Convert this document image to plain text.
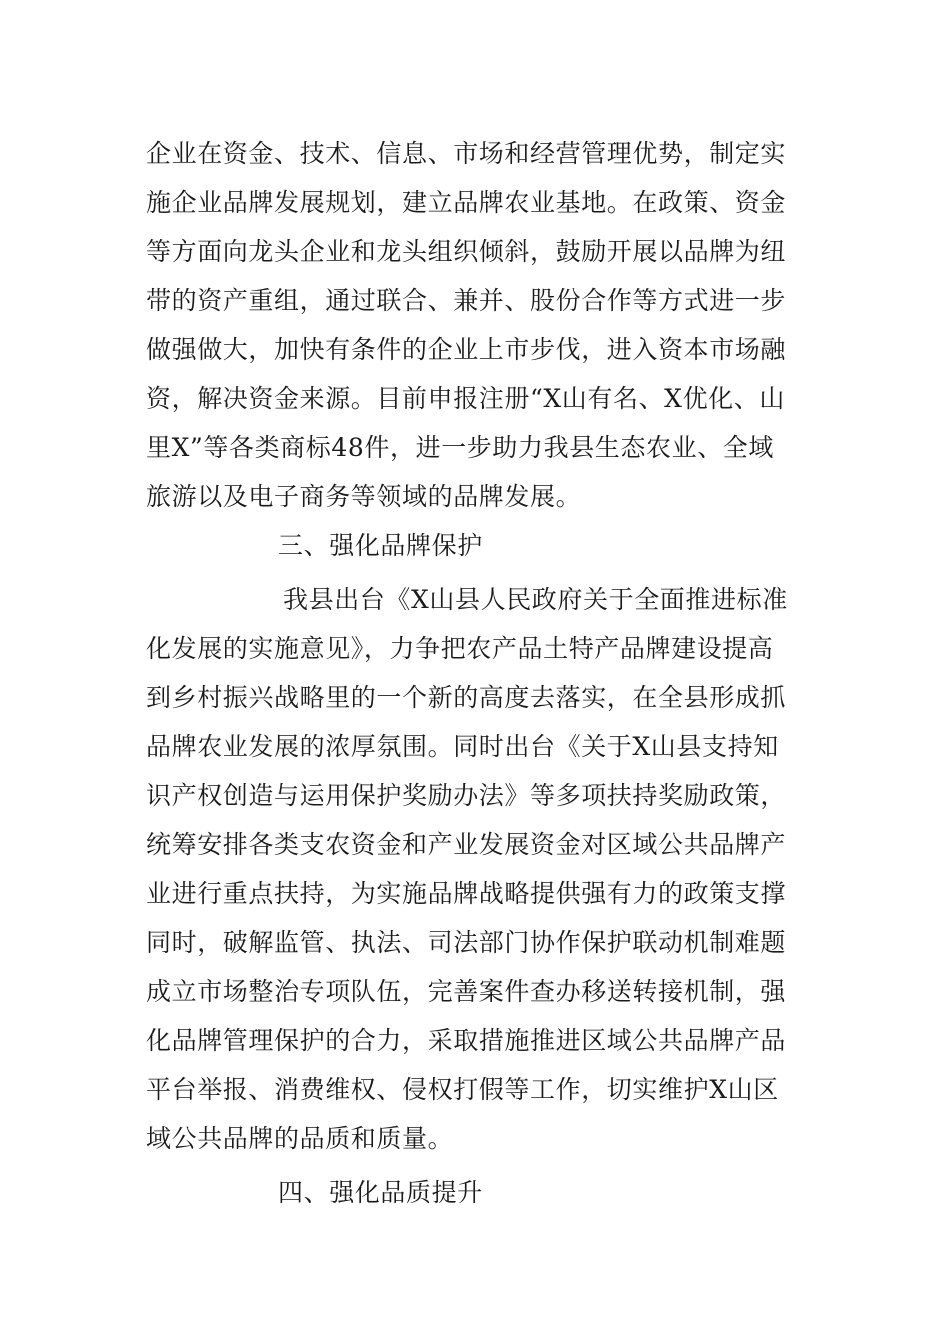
企业在资金、技术、信息、市场和经营管理优势，制定实
施企业品牌发展规划，建立品牌农业基地。在政策、资金
等方面向龙头企业和龙头组织倾斜，鼓励开展以品牌为纽
带的资产重组，通过联合、兼并、股份合作等方式进一步
做强做大，加快有条件的企业上市步伐，进入资本市场融
资，解决资金来源。目前申报注册“X山有名、X优化、山
里X”等各类商标48件，进一步助力我县生态农业、全域
旅游以及电子商务等领域的品牌发展。
三、强化品牌保护
我县出台《X山县人民政府关于全面推进标准
化发展的实施意见》，力争把农产品土特产品牌建设提高
到乡村振兴战略里的一个新的高度去落实，在全县形成抓
品牌农业发展的浓厚氛围。同时出台《关于X山县支持知
识产权创造与运用保护奖励办法》等多项扶持奖励政策，
统筹安排各类支农资金和产业发展资金对区域公共品牌产
业进行重点扶持，为实施品牌战略提供强有力的政策支撑
同时，破解监管、执法、司法部门协作保护联动机制难题
成立市场整治专项队伍，完善案件查办移送转接机制，强
化品牌管理保护的合力，采取措施推进区域公共品牌产品
平台举报、消费维权、侵权打假等工作，切实维护X山区
域公共品牌的品质和质量。
四、强化品质提升
